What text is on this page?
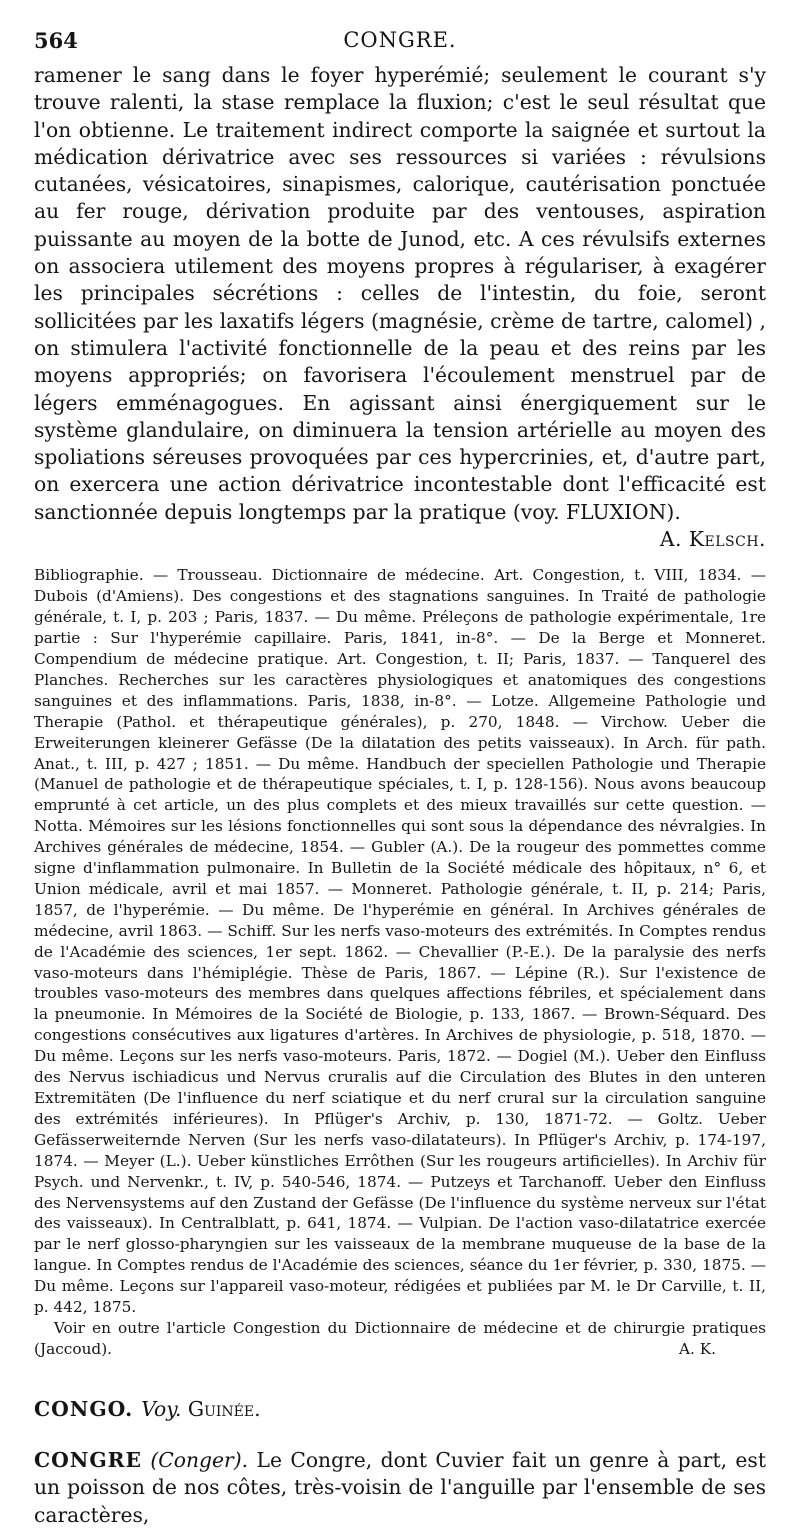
564	CONGRE.

ramener le sang dans le foyer hyperémié; seulement le courant s'y trouve ralenti, la stase remplace la fluxion; c'est le seul résultat que l'on obtienne. Le traitement indirect comporte la saignée et surtout la médication dérivatrice avec ses ressources si variées : révulsions cutanées, vésicatoires, sinapismes, calorique, cautérisation ponctuée au fer rouge, dérivation produite par des ventouses, aspiration puissante au moyen de la botte de Junod, etc. A ces révulsifs externes on associera utilement des moyens propres à régulariser, à exagérer les principales sécrétions : celles de l'intestin, du foie, seront sollicitées par les laxatifs légers (magnésie, crème de tartre, calomel) , on stimulera l'activité fonctionnelle de la peau et des reins par les moyens appropriés; on favorisera l'écoulement menstruel par de légers emménagogues. En agissant ainsi énergiquement sur le système glandulaire, on diminuera la tension artérielle au moyen des spoliations séreuses provoquées par ces hypercrinies, et, d'autre part, on exercera une action dérivatrice incontestable dont l'efficacité est sanctionnée depuis longtemps par la pratique (voy. FLUXION).
A. Kelsch.

Bibliographie. — Trousseau. Dictionnaire de médecine. Art. Congestion, t. VIII, 1834. — Dubois (d'Amiens). Des congestions et des stagnations sanguines. In Traité de pathologie générale, t. I, p. 203 ; Paris, 1837. — Du même. Préleçons de pathologie expérimentale, 1re partie : Sur l'hyperémie capillaire. Paris, 1841, in-8°. — De la Berge et Monneret. Compendium de médecine pratique. Art. Congestion, t. II; Paris, 1837. — Tanquerel des Planches. Recherches sur les caractères physiologiques et anatomiques des congestions sanguines et des inflammations. Paris, 1838, in-8°. — Lotze. Allgemeine Pathologie und Therapie (Pathol. et thérapeutique générales), p. 270, 1848. — Virchow. Ueber die Erweiterungen kleinerer Gefässe (De la dilatation des petits vaisseaux). In Arch. für path. Anat., t. III, p. 427 ; 1851. — Du même. Handbuch der speciellen Pathologie und Therapie (Manuel de pathologie et de thérapeutique spéciales, t. I, p. 128-156). Nous avons beaucoup emprunté à cet article, un des plus complets et des mieux travaillés sur cette question. — Notta. Mémoires sur les lésions fonctionnelles qui sont sous la dépendance des névralgies. In Archives générales de médecine, 1854. — Gubler (A.). De la rougeur des pommettes comme signe d'inflammation pulmonaire. In Bulletin de la Société médicale des hôpitaux, n° 6, et Union médicale, avril et mai 1857. — Monneret. Pathologie générale, t. II, p. 214; Paris, 1857, de l'hyperémie. — Du même. De l'hyperémie en général. In Archives générales de médecine, avril 1863. — Schiff. Sur les nerfs vaso-moteurs des extrémités. In Comptes rendus de l'Académie des sciences, 1er sept. 1862. — Chevallier (P.-E.). De la paralysie des nerfs vaso-moteurs dans l'hémiplégie. Thèse de Paris, 1867. — Lépine (R.). Sur l'existence de troubles vaso-moteurs des membres dans quelques affections fébriles, et spécialement dans la pneumonie. In Mémoires de la Société de Biologie, p. 133, 1867. — Brown-Séquard. Des congestions consécutives aux ligatures d'artères. In Archives de physiologie, p. 518, 1870. — Du même. Leçons sur les nerfs vaso-moteurs. Paris, 1872. — Dogiel (M.). Ueber den Einfluss des Nervus ischiadicus und Nervus cruralis auf die Circulation des Blutes in den unteren Extremitäten (De l'influence du nerf sciatique et du nerf crural sur la circulation sanguine des extrémités inférieures). In Pflüger's Archiv, p. 130, 1871-72. — Goltz. Ueber Gefässerweiternde Nerven (Sur les nerfs vaso-dilatateurs). In Pflüger's Archiv, p. 174-197, 1874. — Meyer (L.). Ueber künstliches Errôthen (Sur les rougeurs artificielles). In Archiv für Psych. und Nervenkr., t. IV, p. 540-546, 1874. — Putzeys et Tarchanoff. Ueber den Einfluss des Nervensystems auf den Zustand der Gefässe (De l'influence du système nerveux sur l'état des vaisseaux). In Centralblatt, p. 641, 1874. — Vulpian. De l'action vaso-dilatatrice exercée par le nerf glosso-pharyngien sur les vaisseaux de la membrane muqueuse de la base de la langue. In Comptes rendus de l'Académie des sciences, séance du 1er février, p. 330, 1875. — Du même. Leçons sur l'appareil vaso-moteur, rédigées et publiées par M. le Dr Carville, t. II, p. 442, 1875.

Voir en outre l'article Congestion du Dictionnaire de médecine et de chirurgie pratiques (Jaccoud).	A. K.

CONGO. Voy. Guinée.

CONGRE (Conger). Le Congre, dont Cuvier fait un genre à part, est un poisson de nos côtes, très-voisin de l'anguille par l'ensemble de ses caractères,
